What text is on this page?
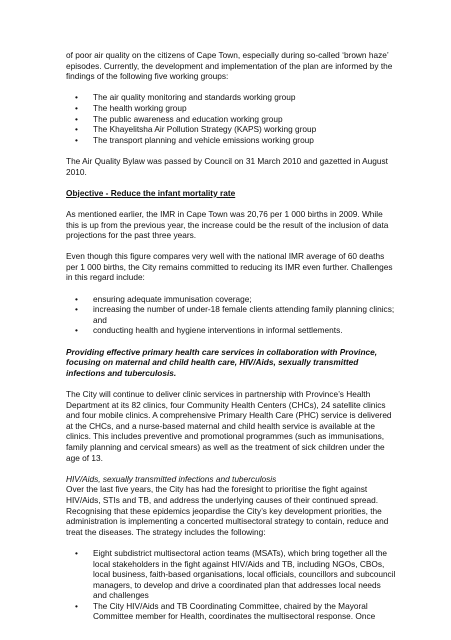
of poor air quality on the citizens of Cape Town, especially during so-called ‘brown haze’ episodes. Currently, the development and implementation of the plan are informed by the findings of the following five working groups:

• The air quality monitoring and standards working group
• The health working group
• The public awareness and education working group
• The Khayelitsha Air Pollution Strategy (KAPS) working group
• The transport planning and vehicle emissions working group

The Air Quality Bylaw was passed by Council on 31 March 2010 and gazetted in August 2010.

Objective - Reduce the infant mortality rate

As mentioned earlier, the IMR in Cape Town was 20,76 per 1 000 births in 2009. While this is up from the previous year, the increase could be the result of the inclusion of data projections for the past three years.

Even though this figure compares very well with the national IMR average of 60 deaths per 1 000 births, the City remains committed to reducing its IMR even further. Challenges in this regard include:

• ensuring adequate immunisation coverage;
• increasing the number of under-18 female clients attending family planning clinics; and
• conducting health and hygiene interventions in informal settlements.

Providing effective primary health care services in collaboration with Province, focusing on maternal and child health care, HIV/Aids, sexually transmitted infections and tuberculosis.

The City will continue to deliver clinic services in partnership with Province’s Health Department at its 82 clinics, four Community Health Centers (CHCs), 24 satellite clinics and four mobile clinics. A comprehensive Primary Health Care (PHC) service is delivered at the CHCs, and a nurse-based maternal and child health service is available at the clinics. This includes preventive and promotional programmes (such as immunisations, family planning and cervical smears) as well as the treatment of sick children under the age of 13.

HIV/Aids, sexually transmitted infections and tuberculosis

Over the last five years, the City has had the foresight to prioritise the fight against HIV/Aids, STIs and TB, and address the underlying causes of their continued spread. Recognising that these epidemics jeopardise the City’s key development priorities, the administration is implementing a concerted multisectoral strategy to contain, reduce and treat the diseases. The strategy includes the following:

• Eight subdistrict multisectoral action teams (MSATs), which bring together all the local stakeholders in the fight against HIV/Aids and TB, including NGOs, CBOs, local business, faith-based organisations, local officials, councillors and subcouncil managers, to develop and drive a coordinated plan that addresses local needs and challenges
• The City HIV/Aids and TB Coordinating Committee, chaired by the Mayoral Committee member for Health, coordinates the multisectoral response. Once
